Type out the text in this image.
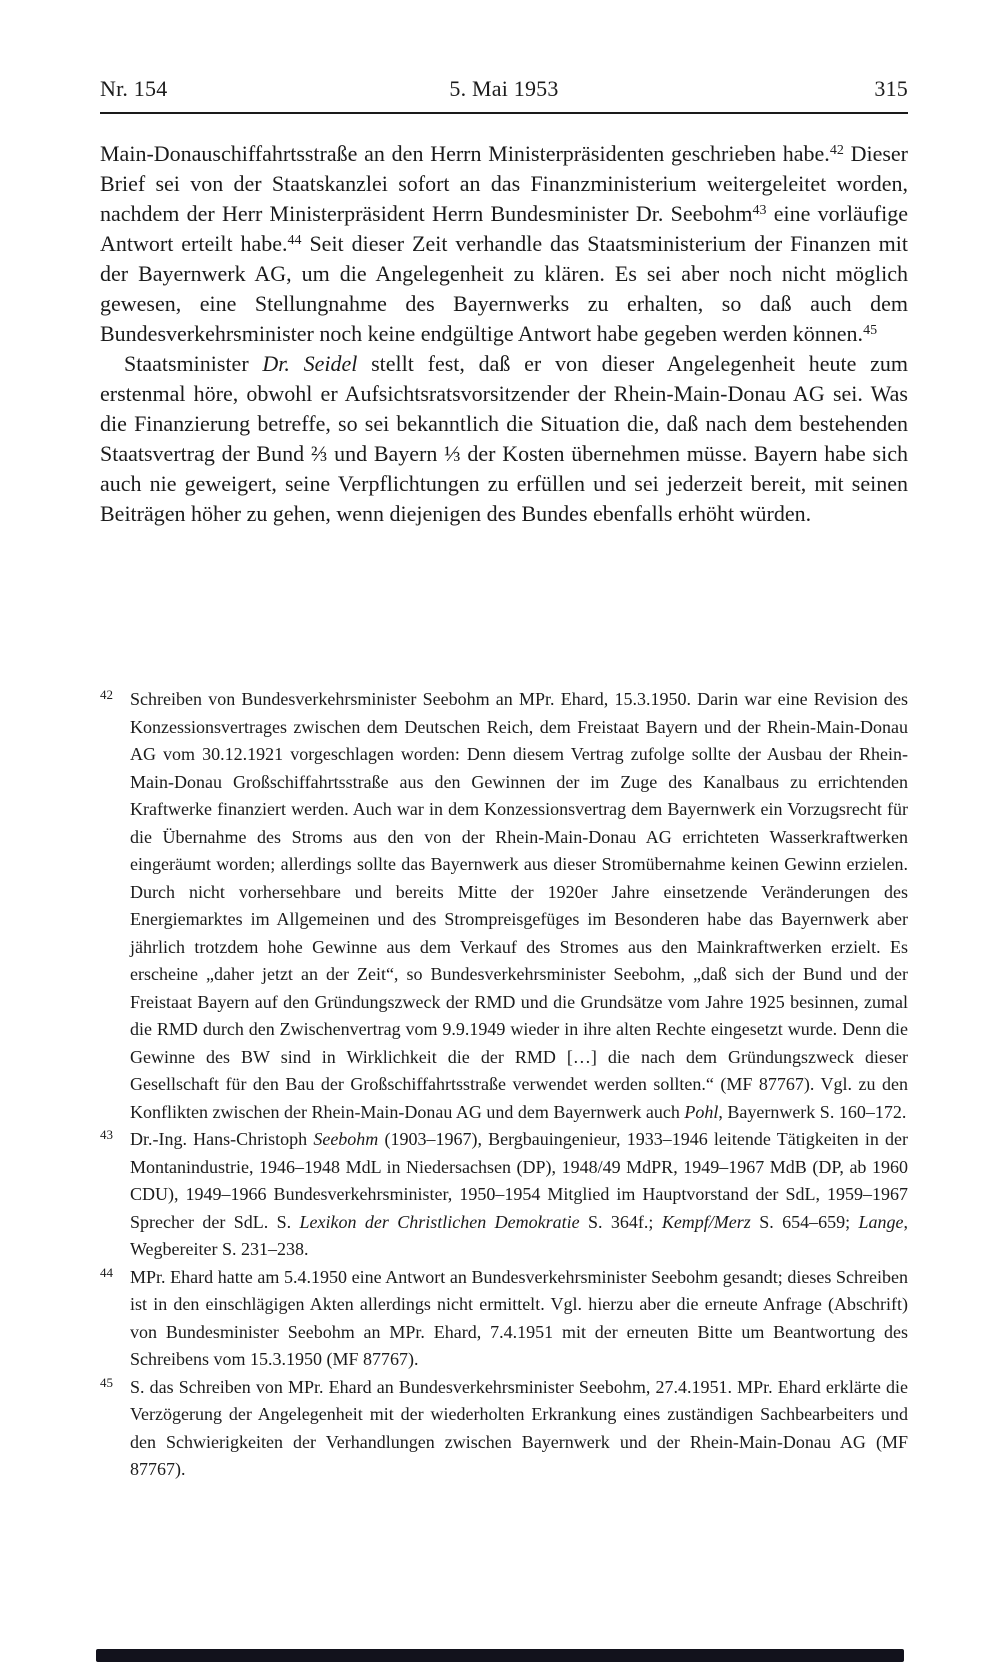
Nr. 154	5. Mai 1953	315

Main-Donauschiffahrtsstraße an den Herrn Ministerpräsidenten geschrieben habe.$^{42}$ Dieser Brief sei von der Staatskanzlei sofort an das Finanzministerium weitergeleitet worden, nachdem der Herr Ministerpräsident Herrn Bundesminister Dr. Seebohm$^{43}$ eine vorläufige Antwort erteilt habe.$^{44}$ Seit dieser Zeit verhandle das Staatsministerium der Finanzen mit der Bayernwerk AG, um die Angelegenheit zu klären. Es sei aber noch nicht möglich gewesen, eine Stellungnahme des Bayernwerks zu erhalten, so daß auch dem Bundesverkehrsminister noch keine endgültige Antwort habe gegeben werden können.$^{45}$

Staatsminister Dr. Seidel stellt fest, daß er von dieser Angelegenheit heute zum erstenmal höre, obwohl er Aufsichtsratsvorsitzender der Rhein-Main-Donau AG sei. Was die Finanzierung betreffe, so sei bekanntlich die Situation die, daß nach dem bestehenden Staatsvertrag der Bund ⅔ und Bayern ⅓ der Kosten übernehmen müsse. Bayern habe sich auch nie geweigert, seine Verpflichtungen zu erfüllen und sei jederzeit bereit, mit seinen Beiträgen höher zu gehen, wenn diejenigen des Bundes ebenfalls erhöht würden.

42 Schreiben von Bundesverkehrsminister Seebohm an MPr. Ehard, 15.3.1950. Darin war eine Revision des Konzessionsvertrages zwischen dem Deutschen Reich, dem Freistaat Bayern und der Rhein-Main-Donau AG vom 30.12.1921 vorgeschlagen worden: Denn diesem Vertrag zufolge sollte der Ausbau der Rhein-Main-Donau Großschiffahrtsstraße aus den Gewinnen der im Zuge des Kanalbaus zu errichtenden Kraftwerke finanziert werden. Auch war in dem Konzessionsvertrag dem Bayernwerk ein Vorzugsrecht für die Übernahme des Stroms aus den von der Rhein-Main-Donau AG errichteten Wasserkraftwerken eingeräumt worden; allerdings sollte das Bayernwerk aus dieser Stromübernahme keinen Gewinn erzielen. Durch nicht vorhersehbare und bereits Mitte der 1920er Jahre einsetzende Veränderungen des Energiemarktes im Allgemeinen und des Strompreisgefüges im Besonderen habe das Bayernwerk aber jährlich trotzdem hohe Gewinne aus dem Verkauf des Stromes aus den Mainkraftwerken erzielt. Es erscheine „daher jetzt an der Zeit“, so Bundesverkehrsminister Seebohm, „daß sich der Bund und der Freistaat Bayern auf den Gründungszweck der RMD und die Grundsätze vom Jahre 1925 besinnen, zumal die RMD durch den Zwischenvertrag vom 9.9.1949 wieder in ihre alten Rechte eingesetzt wurde. Denn die Gewinne des BW sind in Wirklichkeit die der RMD […] die nach dem Gründungszweck dieser Gesellschaft für den Bau der Großschiffahrtsstraße verwendet werden sollten.“ (MF 87767). Vgl. zu den Konflikten zwischen der Rhein-Main-Donau AG und dem Bayernwerk auch Pohl, Bayernwerk S. 160–172.
43 Dr.-Ing. Hans-Christoph Seebohm (1903–1967), Bergbauingenieur, 1933–1946 leitende Tätigkeiten in der Montanindustrie, 1946–1948 MdL in Niedersachsen (DP), 1948/49 MdPR, 1949–1967 MdB (DP, ab 1960 CDU), 1949–1966 Bundesverkehrsminister, 1950–1954 Mitglied im Hauptvorstand der SdL, 1959–1967 Sprecher der SdL. S. Lexikon der Christlichen Demokratie S. 364f.; Kempf/Merz S. 654–659; Lange, Wegbereiter S. 231–238.
44 MPr. Ehard hatte am 5.4.1950 eine Antwort an Bundesverkehrsminister Seebohm gesandt; dieses Schreiben ist in den einschlägigen Akten allerdings nicht ermittelt. Vgl. hierzu aber die erneute Anfrage (Abschrift) von Bundesminister Seebohm an MPr. Ehard, 7.4.1951 mit der erneuten Bitte um Beantwortung des Schreibens vom 15.3.1950 (MF 87767).
45 S. das Schreiben von MPr. Ehard an Bundesverkehrsminister Seebohm, 27.4.1951. MPr. Ehard erklärte die Verzögerung der Angelegenheit mit der wiederholten Erkrankung eines zuständigen Sachbearbeiters und den Schwierigkeiten der Verhandlungen zwischen Bayernwerk und der Rhein-Main-Donau AG (MF 87767).
